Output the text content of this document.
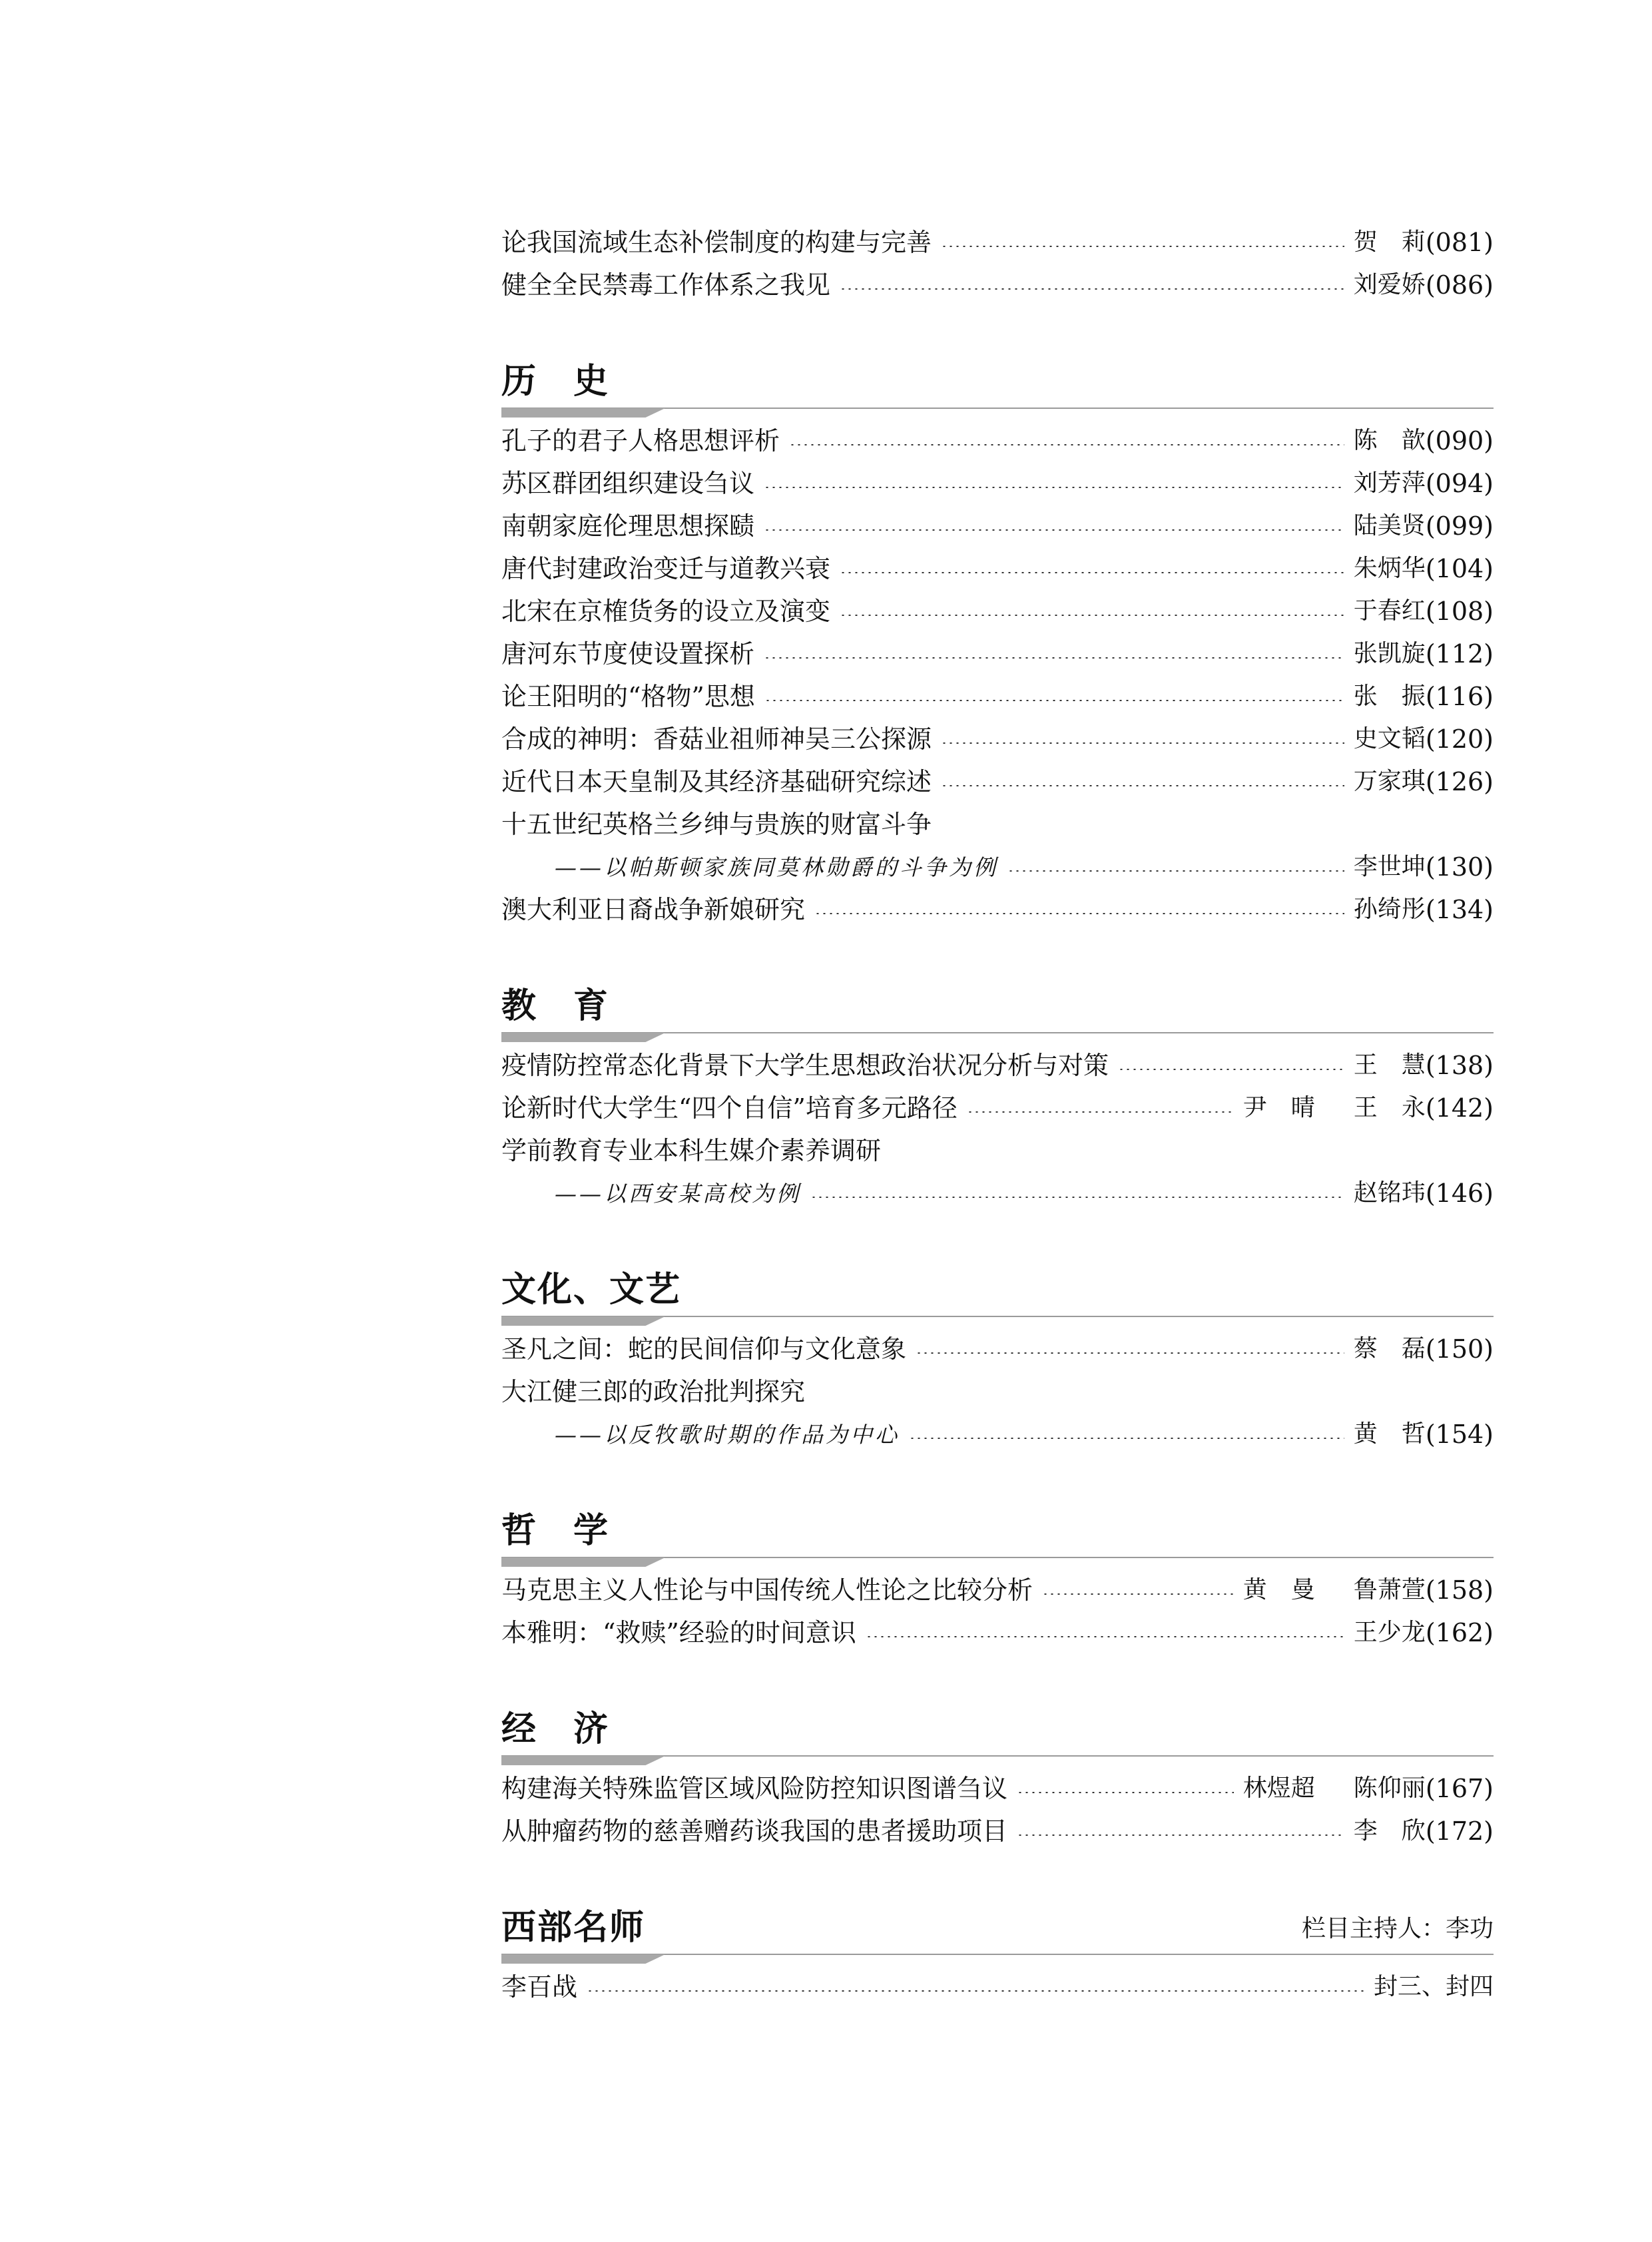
论我国流域生态补偿制度的构建与完善	贺　莉 (081)
健全全民禁毒工作体系之我见	刘爱娇 (086)
历　史
孔子的君子人格思想评析	陈　歆 (090)
苏区群团组织建设刍议	刘芳萍 (094)
南朝家庭伦理思想探赜	陆美贤 (099)
唐代封建政治变迁与道教兴衰	朱炳华 (104)
北宋在京榷货务的设立及演变	于春红 (108)
唐河东节度使设置探析	张凯旋 (112)
论王阳明的“格物”思想	张　振 (116)
合成的神明：香菇业祖师神吴三公探源	史文韬 (120)
近代日本天皇制及其经济基础研究综述	万家琪 (126)
十五世纪英格兰乡绅与贵族的财富斗争
——以帕斯顿家族同莫林勋爵的斗争为例	李世坤 (130)
澳大利亚日裔战争新娘研究	孙绮彤 (134)
教　育
疫情防控常态化背景下大学生思想政治状况分析与对策	王　慧 (138)
论新时代大学生“四个自信”培育多元路径	尹　晴 王　永 (142)
学前教育专业本科生媒介素养调研
——以西安某高校为例	赵铭玮 (146)
文化、文艺
圣凡之间：蛇的民间信仰与文化意象	蔡　磊 (150)
大江健三郎的政治批判探究
——以反牧歌时期的作品为中心	黄　哲 (154)
哲　学
马克思主义人性论与中国传统人性论之比较分析	黄　曼 鲁萧萱 (158)
本雅明：“救赎”经验的时间意识	王少龙 (162)
经　济
构建海关特殊监管区域风险防控知识图谱刍议	林煜超 陈仰丽 (167)
从肿瘤药物的慈善赠药谈我国的患者援助项目	李　欣 (172)
西部名师	栏目主持人：李功
李百战	封三、封四
